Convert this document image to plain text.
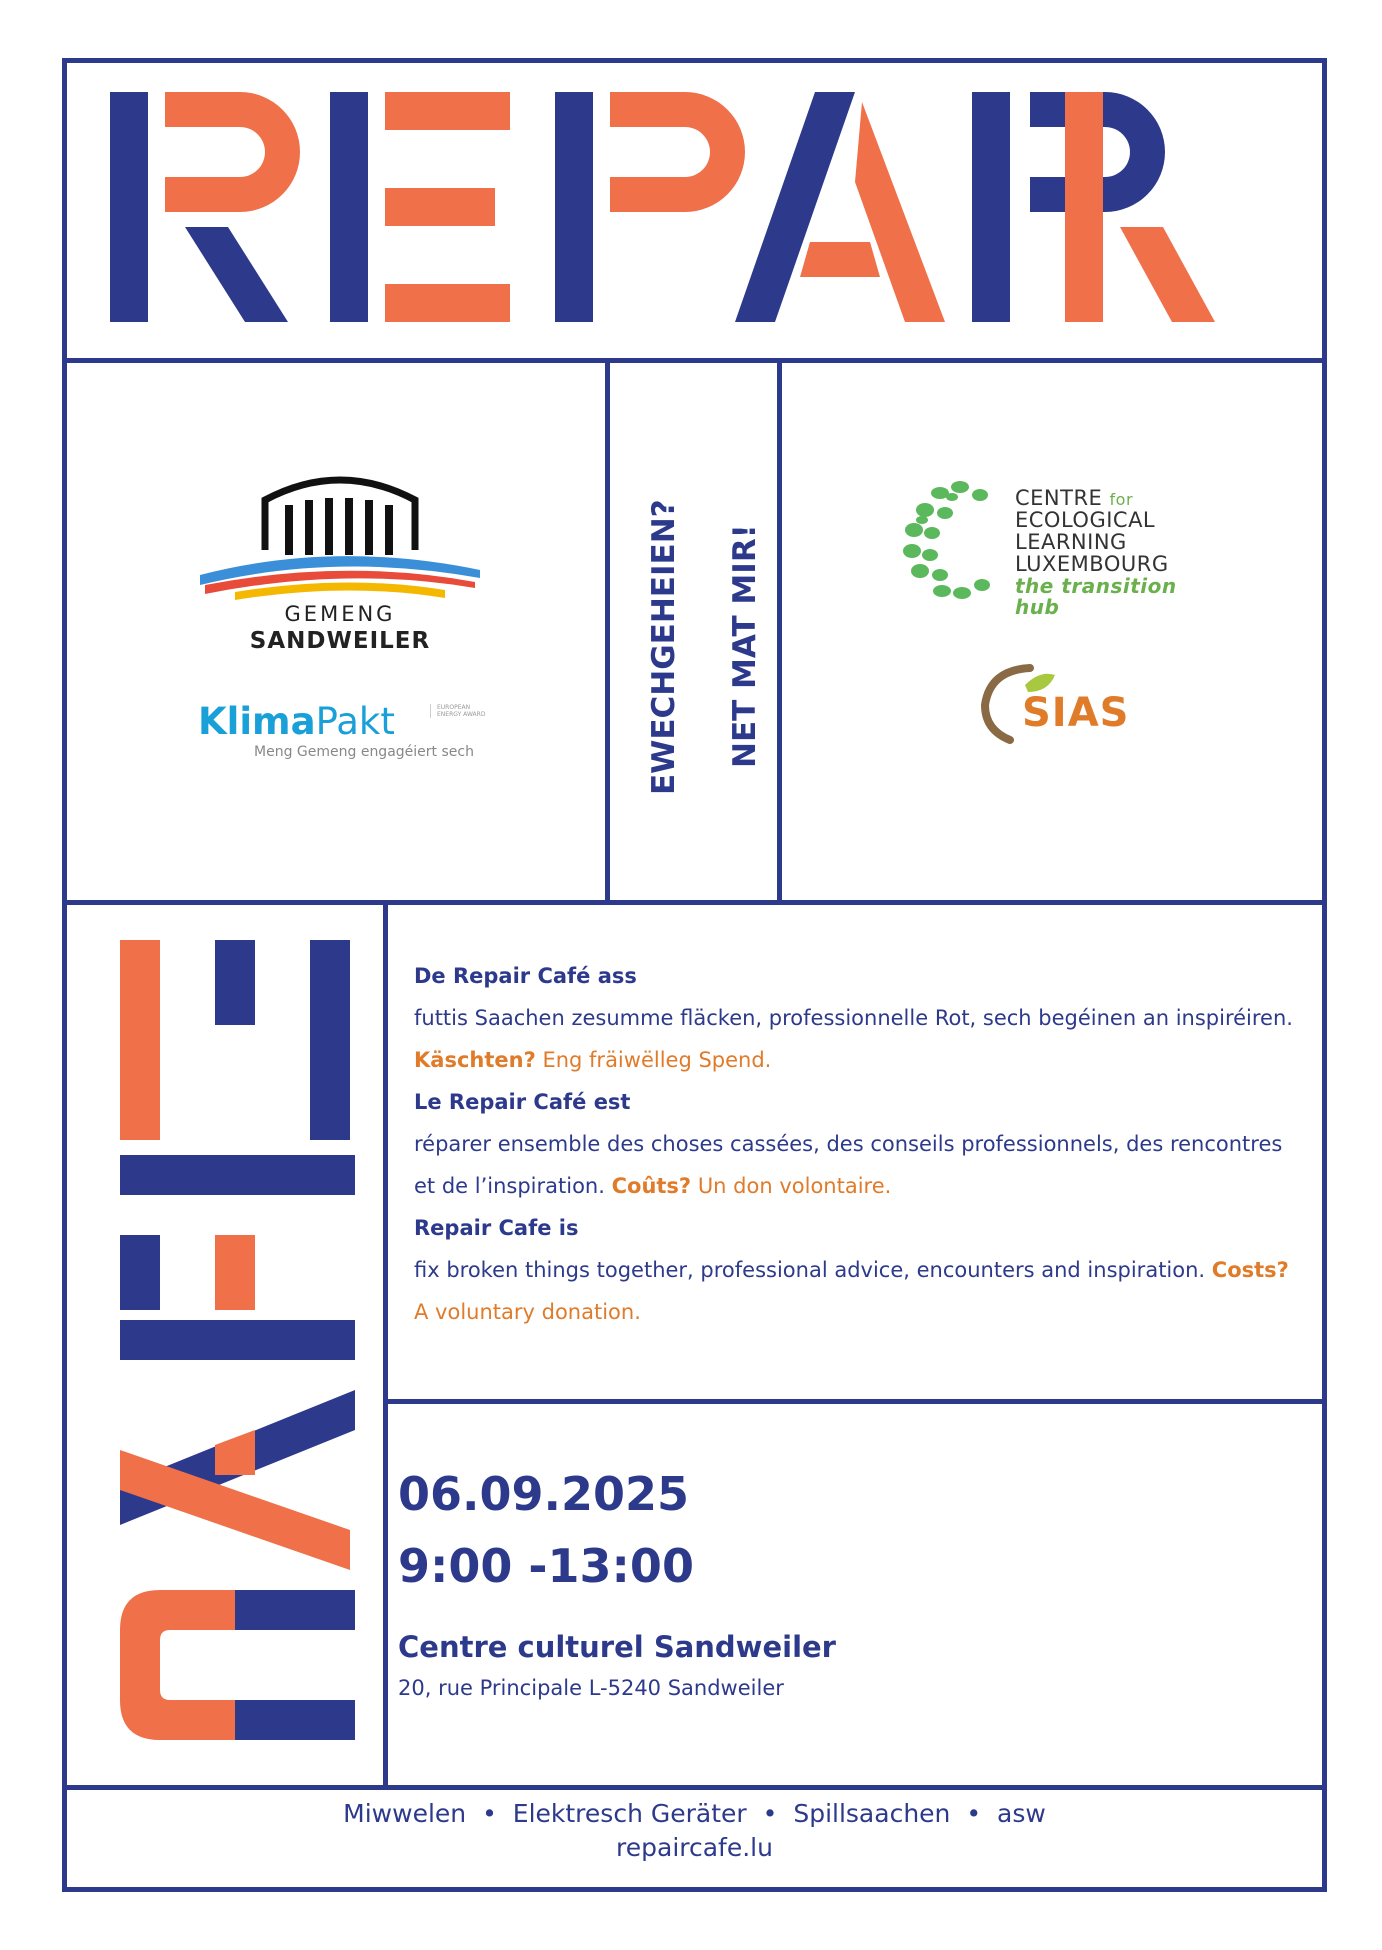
GEMENG
SANDWEILER
KlimaPakt	EUROPEAN ENERGY AWARD
Meng Gemeng engagéiert sech	EWECHGEHEIEN? NET MAT MIR!
CENTRE for
ECOLOGICAL
LEARNING
LUXEMBOURG
the transition hub
SIAS
De Repair Café ass
futtis Saachen zesumme fläcken, professionnelle Rot, sech begéinen an inspiréiren. Käschten? Eng fräiwëlleg Spend.
Le Repair Café est
réparer ensemble des choses cassées, des conseils professionnels, des rencontres et de l’inspiration. Coûts? Un don volontaire.
Repair Cafe is
fix broken things together, professional advice, encounters and inspiration. Costs? A voluntary donation.
06.09.2025
9:00 -13:00
Centre culturel Sandweiler
20, rue Principale L-5240 Sandweiler
Miwwelen • Elektresch Geräter • Spillsaachen • asw
repaircafe.lu
